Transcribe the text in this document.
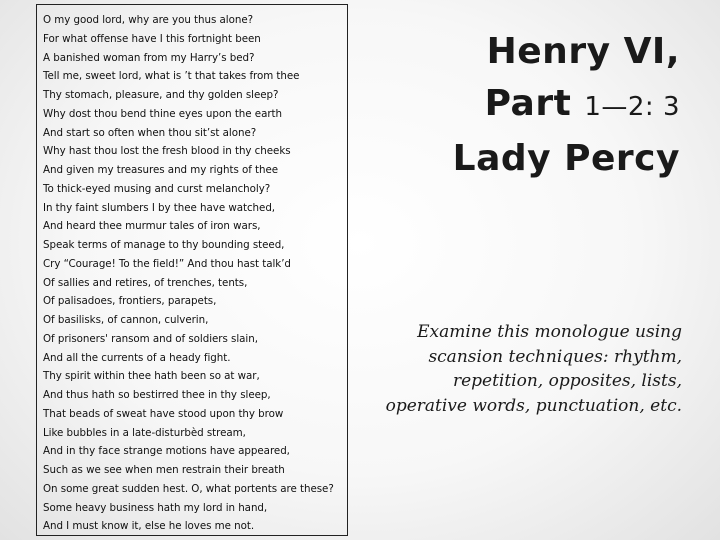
O my good lord, why are you thus alone?
For what offense have I this fortnight been
A banished woman from my Harry’s bed?
Tell me, sweet lord, what is ’t that takes from thee
Thy stomach, pleasure, and thy golden sleep?
Why dost thou bend thine eyes upon the earth
And start so often when thou sit’st alone?
Why hast thou lost the fresh blood in thy cheeks
And given my treasures and my rights of thee
To thick-eyed musing and curst melancholy?
In thy faint slumbers I by thee have watched,
And heard thee murmur tales of iron wars,
Speak terms of manage to thy bounding steed,
Cry “Courage! To the field!” And thou hast talk’d
Of sallies and retires, of trenches, tents,
Of palisadoes, frontiers, parapets,
Of basilisks, of cannon, culverin,
Of prisoners' ransom and of soldiers slain,
And all the currents of a heady fight.
Thy spirit within thee hath been so at war,
And thus hath so bestirred thee in thy sleep,
That beads of sweat have stood upon thy brow
Like bubbles in a late-disturbèd stream,
And in thy face strange motions have appeared,
Such as we see when men restrain their breath
On some great sudden hest. O, what portents are these?
Some heavy business hath my lord in hand,
And I must know it, else he loves me not.
Henry VI,
Part 1—2: 3
Lady Percy
Examine this monologue using scansion techniques: rhythm, repetition, opposites, lists, operative words, punctuation, etc.
